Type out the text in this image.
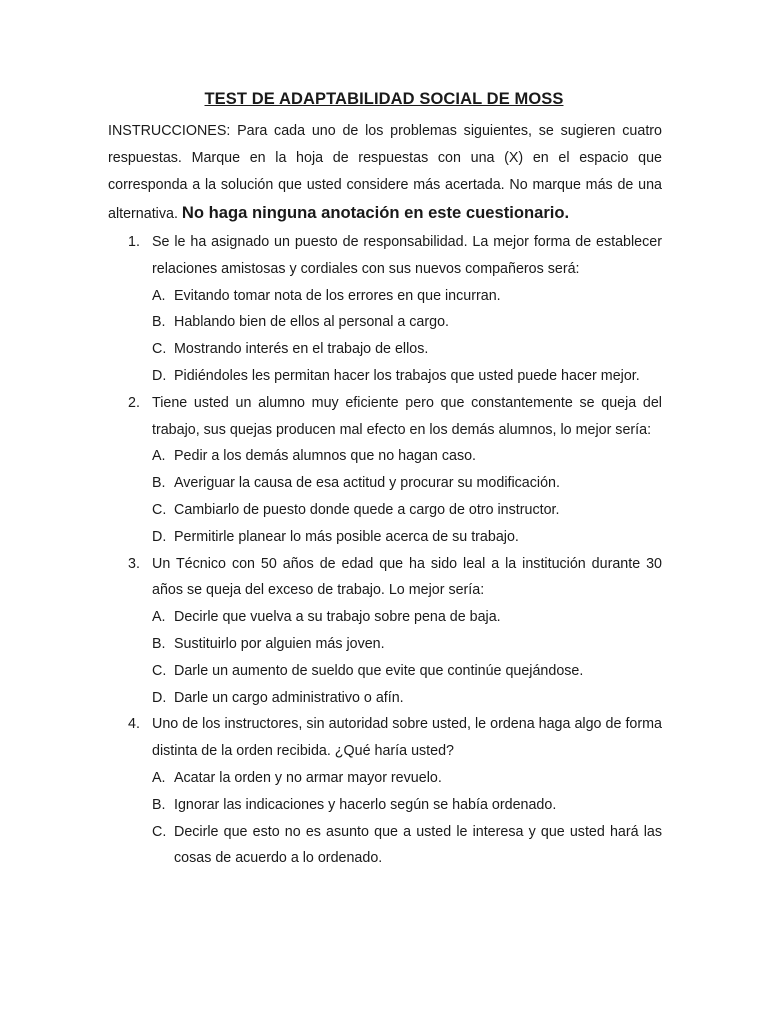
TEST DE ADAPTABILIDAD SOCIAL DE MOSS
INSTRUCCIONES: Para cada uno de los problemas siguientes, se sugieren cuatro respuestas. Marque en la hoja de respuestas con una (X) en el espacio que corresponda a la solución que usted considere más acertada. No marque más de una alternativa. No haga ninguna anotación en este cuestionario.
1. Se le ha asignado un puesto de responsabilidad. La mejor forma de establecer relaciones amistosas y cordiales con sus nuevos compañeros será:
A. Evitando tomar nota de los errores en que incurran.
B. Hablando bien de ellos al personal a cargo.
C. Mostrando interés en el trabajo de ellos.
D. Pidiéndoles les permitan hacer los trabajos que usted puede hacer mejor.
2. Tiene usted un alumno muy eficiente pero que constantemente se queja del trabajo, sus quejas producen mal efecto en los demás alumnos, lo mejor sería:
A. Pedir a los demás alumnos que no hagan caso.
B. Averiguar la causa de esa actitud y procurar su modificación.
C. Cambiarlo de puesto donde quede a cargo de otro instructor.
D. Permitirle planear lo más posible acerca de su trabajo.
3. Un Técnico con 50 años de edad que ha sido leal a la institución durante 30 años se queja del exceso de trabajo. Lo mejor sería:
A. Decirle que vuelva a su trabajo sobre pena de baja.
B. Sustituirlo por alguien más joven.
C. Darle un aumento de sueldo que evite que continúe quejándose.
D. Darle un cargo administrativo o afín.
4. Uno de los instructores, sin autoridad sobre usted, le ordena haga algo de forma distinta de la orden recibida. ¿Qué haría usted?
A. Acatar la orden y no armar mayor revuelo.
B. Ignorar las indicaciones y hacerlo según se había ordenado.
C. Decirle que esto no es asunto que a usted le interesa y que usted hará las cosas de acuerdo a lo ordenado.
